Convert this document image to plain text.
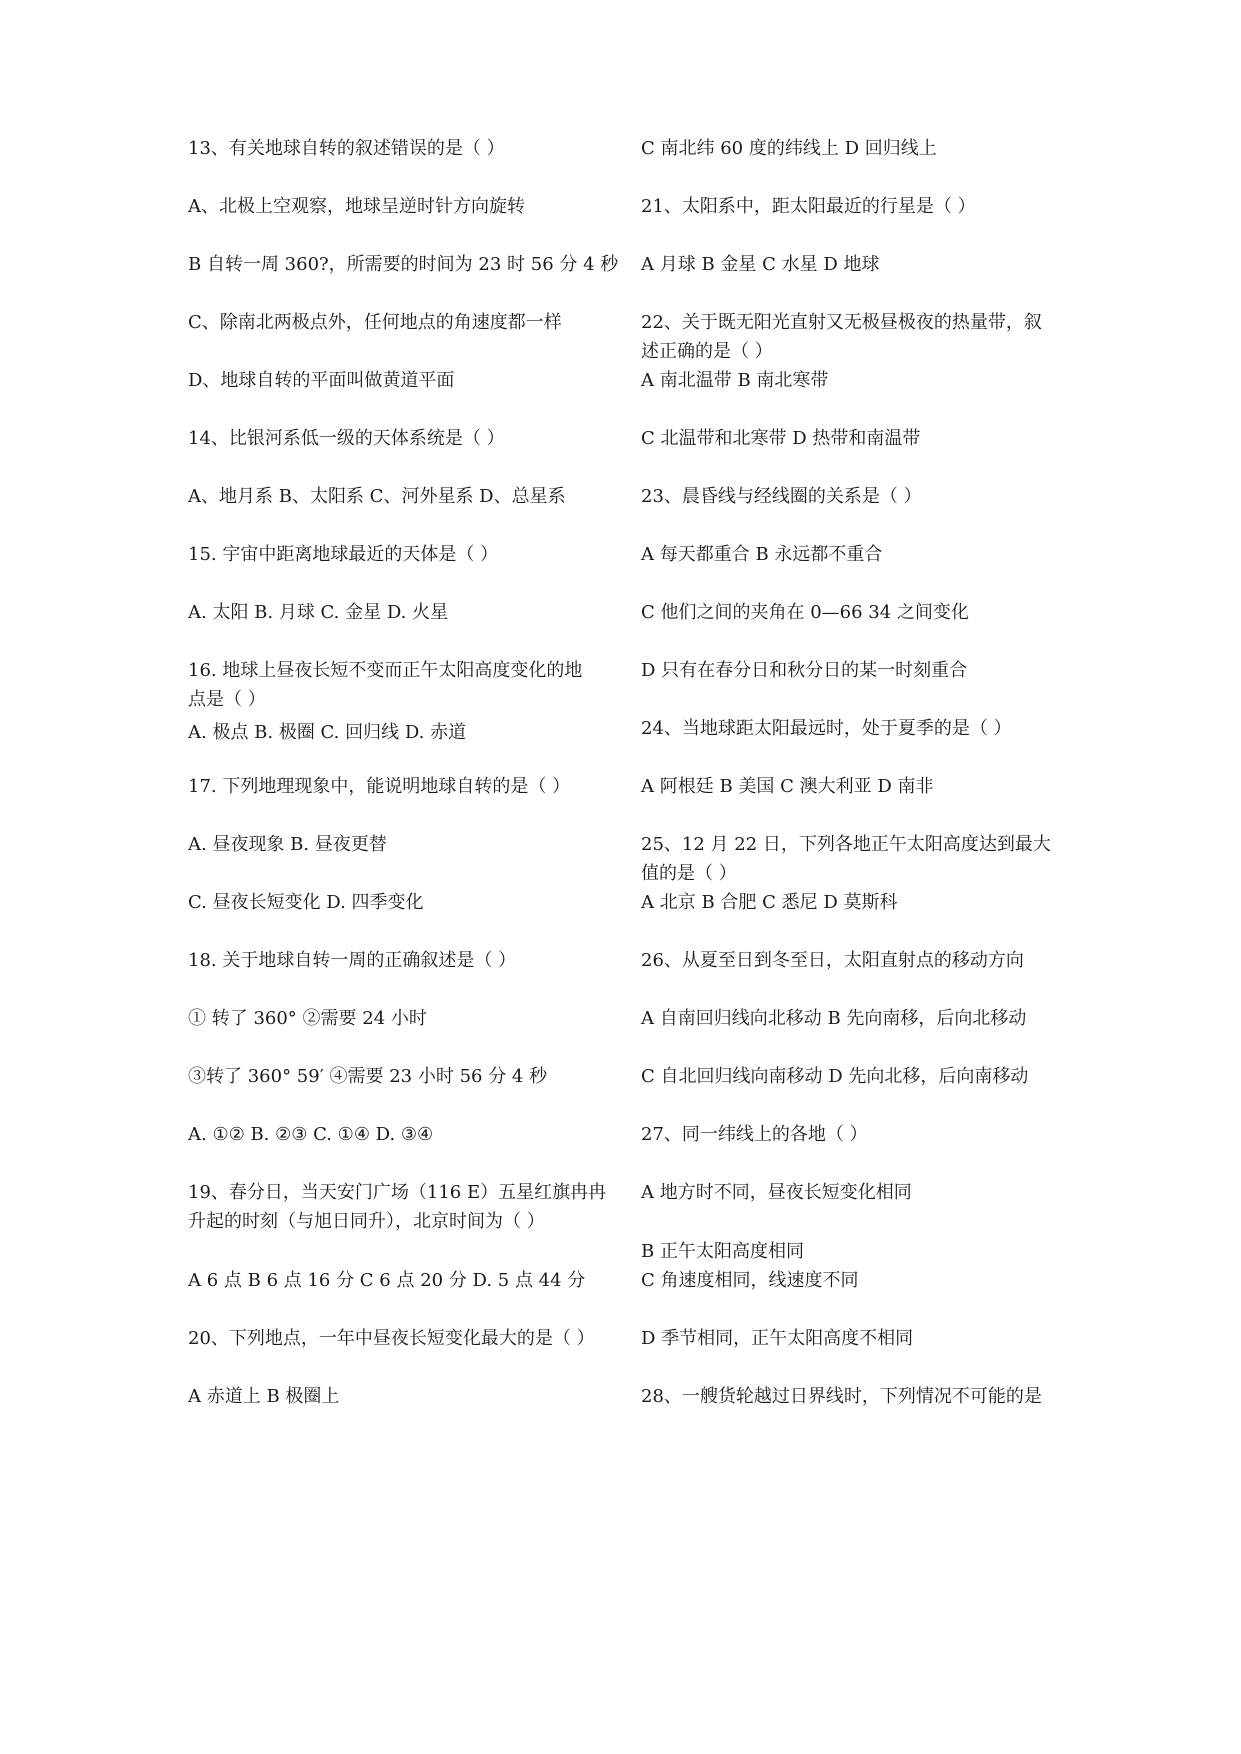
13、有关地球自转的叙述错误的是（ ）
A、北极上空观察，地球呈逆时针方向旋转
B 自转一周 360?，所需要的时间为 23 时 56 分 4 秒
C、除南北两极点外，任何地点的角速度都一样
D、地球自转的平面叫做黄道平面
14、比银河系低一级的天体系统是（ ）
A、地月系 B、太阳系 C、河外星系 D、总星系
15. 宇宙中距离地球最近的天体是（ ）
A. 太阳 B. 月球 C. 金星 D. 火星
16. 地球上昼夜长短不变而正午太阳高度变化的地
点是（ ）
A. 极点 B. 极圈 C. 回归线 D. 赤道
17. 下列地理现象中，能说明地球自转的是（ ）
A. 昼夜现象 B. 昼夜更替
C. 昼夜长短变化 D. 四季变化
18. 关于地球自转一周的正确叙述是（ ）
① 转了 360° ②需要 24 小时
③转了 360° 59′ ④需要 23 小时 56 分 4 秒
A. ①② B. ②③ C. ①④ D. ③④
19、春分日，当天安门广场（116 E）五星红旗冉冉
升起的时刻（与旭日同升），北京时间为（ ）
A 6 点 B 6 点 16 分 C 6 点 20 分 D. 5 点 44 分
20、下列地点，一年中昼夜长短变化最大的是（ ）
A 赤道上 B 极圈上
C 南北纬 60 度的纬线上 D 回归线上
21、太阳系中，距太阳最近的行星是（ ）
A 月球 B 金星 C 水星 D 地球
22、关于既无阳光直射又无极昼极夜的热量带，叙
述正确的是（ ）
A 南北温带 B 南北寒带
C 北温带和北寒带 D 热带和南温带
23、晨昏线与经线圈的关系是（ ）
A 每天都重合 B 永远都不重合
C 他们之间的夹角在 0—66 34 之间变化
D 只有在春分日和秋分日的某一时刻重合
24、当地球距太阳最远时，处于夏季的是（ ）
A 阿根廷 B 美国 C 澳大利亚 D 南非
25、12 月 22 日，下列各地正午太阳高度达到最大
值的是（ ）
A 北京 B 合肥 C 悉尼 D 莫斯科
26、从夏至日到冬至日，太阳直射点的移动方向
A 自南回归线向北移动 B 先向南移，后向北移动
C 自北回归线向南移动 D 先向北移，后向南移动
27、同一纬线上的各地（ ）
A 地方时不同，昼夜长短变化相同
B 正午太阳高度相同
C 角速度相同，线速度不同
D 季节相同，正午太阳高度不相同
28、一艘货轮越过日界线时，下列情况不可能的是
